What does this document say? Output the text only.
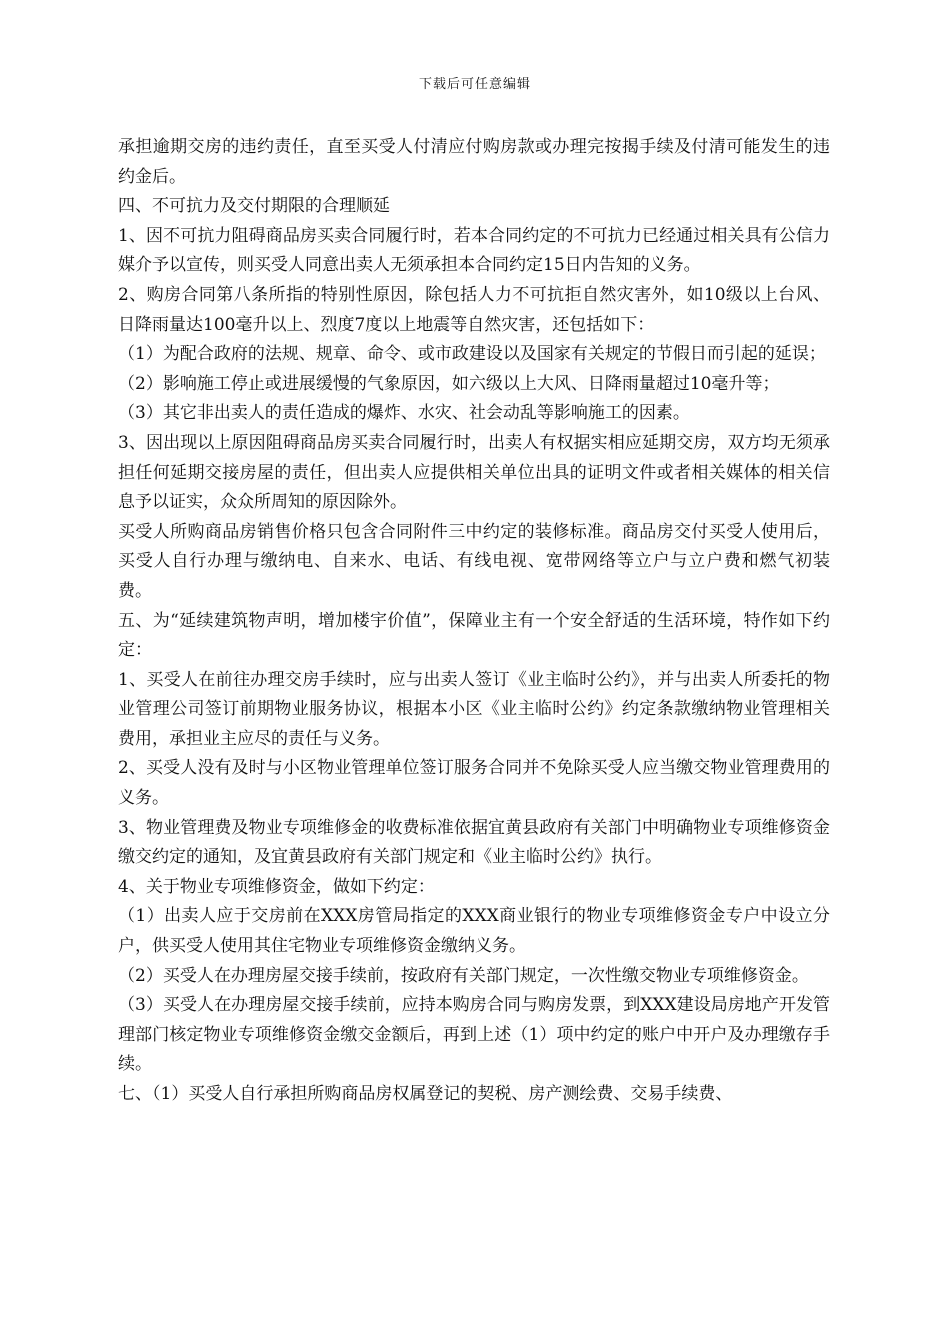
下载后可任意编辑

承担逾期交房的违约责任，直至买受人付清应付购房款或办理完按揭手续及付清可能发生的违约金后。

四、不可抗力及交付期限的合理顺延

1、因不可抗力阻碍商品房买卖合同履行时，若本合同约定的不可抗力已经通过相关具有公信力媒介予以宣传，则买受人同意出卖人无须承担本合同约定15日内告知的义务。

2、购房合同第八条所指的特别性原因，除包括人力不可抗拒自然灾害外，如10级以上台风、日降雨量达100毫升以上、烈度7度以上地震等自然灾害，还包括如下：

（1）为配合政府的法规、规章、命令、或市政建设以及国家有关规定的节假日而引起的延误；

（2）影响施工停止或进展缓慢的气象原因，如六级以上大风、日降雨量超过10毫升等；

（3）其它非出卖人的责任造成的爆炸、水灾、社会动乱等影响施工的因素。

3、因出现以上原因阻碍商品房买卖合同履行时，出卖人有权据实相应延期交房，双方均无须承担任何延期交接房屋的责任，但出卖人应提供相关单位出具的证明文件或者相关媒体的相关信息予以证实，众众所周知的原因除外。

买受人所购商品房销售价格只包含合同附件三中约定的装修标准。商品房交付买受人使用后，买受人自行办理与缴纳电、自来水、电话、有线电视、宽带网络等立户与立户费和燃气初装费。

五、为“延续建筑物声明，增加楼宇价值”，保障业主有一个安全舒适的生活环境，特作如下约定：

1、买受人在前往办理交房手续时，应与出卖人签订《业主临时公约》，并与出卖人所委托的物业管理公司签订前期物业服务协议，根据本小区《业主临时公约》约定条款缴纳物业管理相关费用，承担业主应尽的责任与义务。

2、买受人没有及时与小区物业管理单位签订服务合同并不免除买受人应当缴交物业管理费用的义务。

3、物业管理费及物业专项维修金的收费标准依据宜黄县政府有关部门中明确物业专项维修资金缴交约定的通知，及宜黄县政府有关部门规定和《业主临时公约》执行。

4、关于物业专项维修资金，做如下约定：

（1）出卖人应于交房前在XXX房管局指定的XXX商业银行的物业专项维修资金专户中设立分户，供买受人使用其住宅物业专项维修资金缴纳义务。

（2）买受人在办理房屋交接手续前，按政府有关部门规定，一次性缴交物业专项维修资金。

（3）买受人在办理房屋交接手续前，应持本购房合同与购房发票，到XXX建设局房地产开发管理部门核定物业专项维修资金缴交金额后，再到上述（1）项中约定的账户中开户及办理缴存手续。

七、（1）买受人自行承担所购商品房权属登记的契税、房产测绘费、交易手续费、
